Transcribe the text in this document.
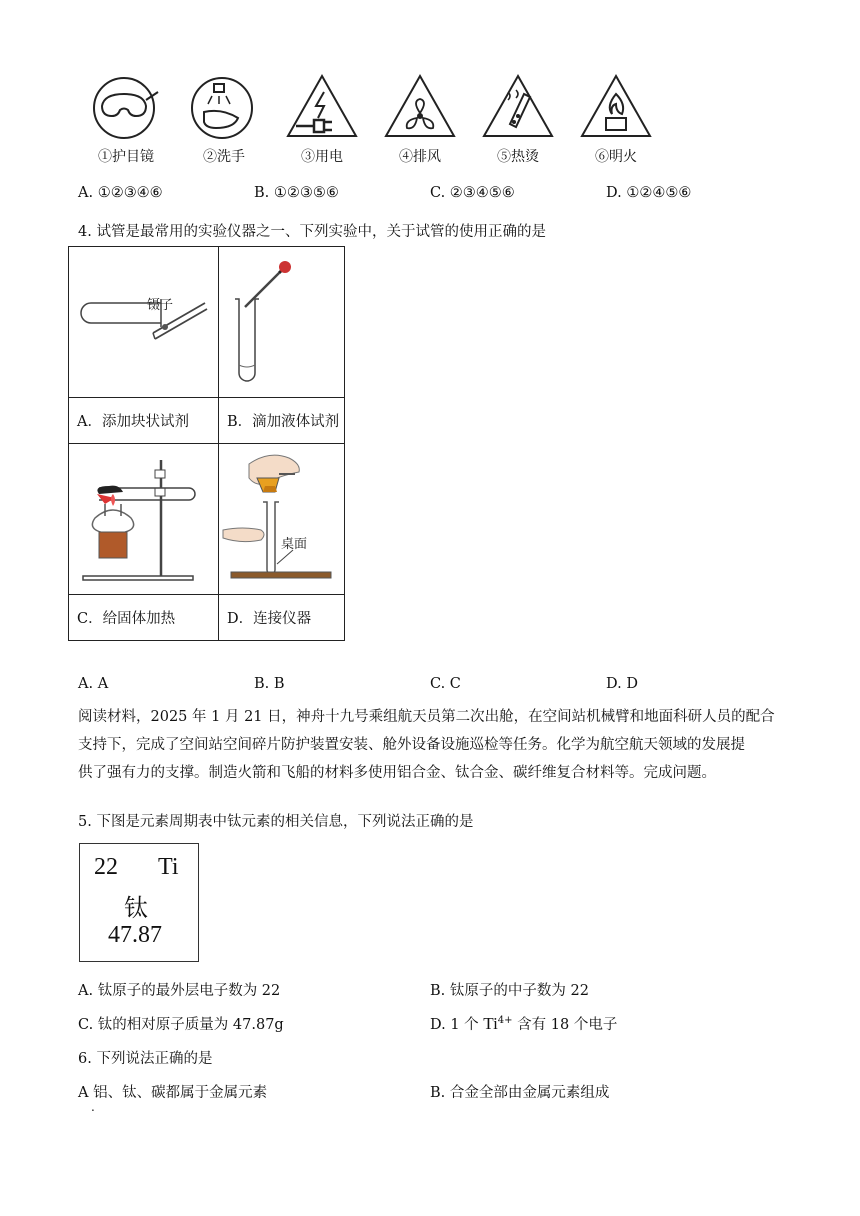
①护目镜	②洗手	③用电	④排风	⑤热烫	⑥明火
A. ①②③④⑥	B. ①②③⑤⑥	C. ②③④⑤⑥	D. ①②④⑤⑥
4. 试管是最常用的实验仪器之一、下列实验中，关于试管的使用正确的是
镊子

A．添加块状试剂	B．滴加液体试剂

桌面

C．给固体加热	D．连接仪器
A. A	B. B	C. C	D. D
阅读材料，2025 年 1 月 21 日，神舟十九号乘组航天员第二次出舱，在空间站机械臂和地面科研人员的配合
支持下，完成了空间站空间碎片防护装置安装、舱外设备设施巡检等任务。化学为航空航天领域的发展提
供了强有力的支撑。制造火箭和飞船的材料多使用铝合金、钛合金、碳纤维复合材料等。完成问题。
5. 下图是元素周期表中钛元素的相关信息，下列说法正确的是
22 Ti
钛
47.87
A. 钛原子的最外层电子数为 22	B. 钛原子的中子数为 22
C. 钛的相对原子质量为 47.87g	D. 1 个 $Ti^{4+}$ 含有 18 个电子
6. 下列说法正确的是
A 铝、钛、碳都属于金属元素
.
B. 合金全部由金属元素组成
